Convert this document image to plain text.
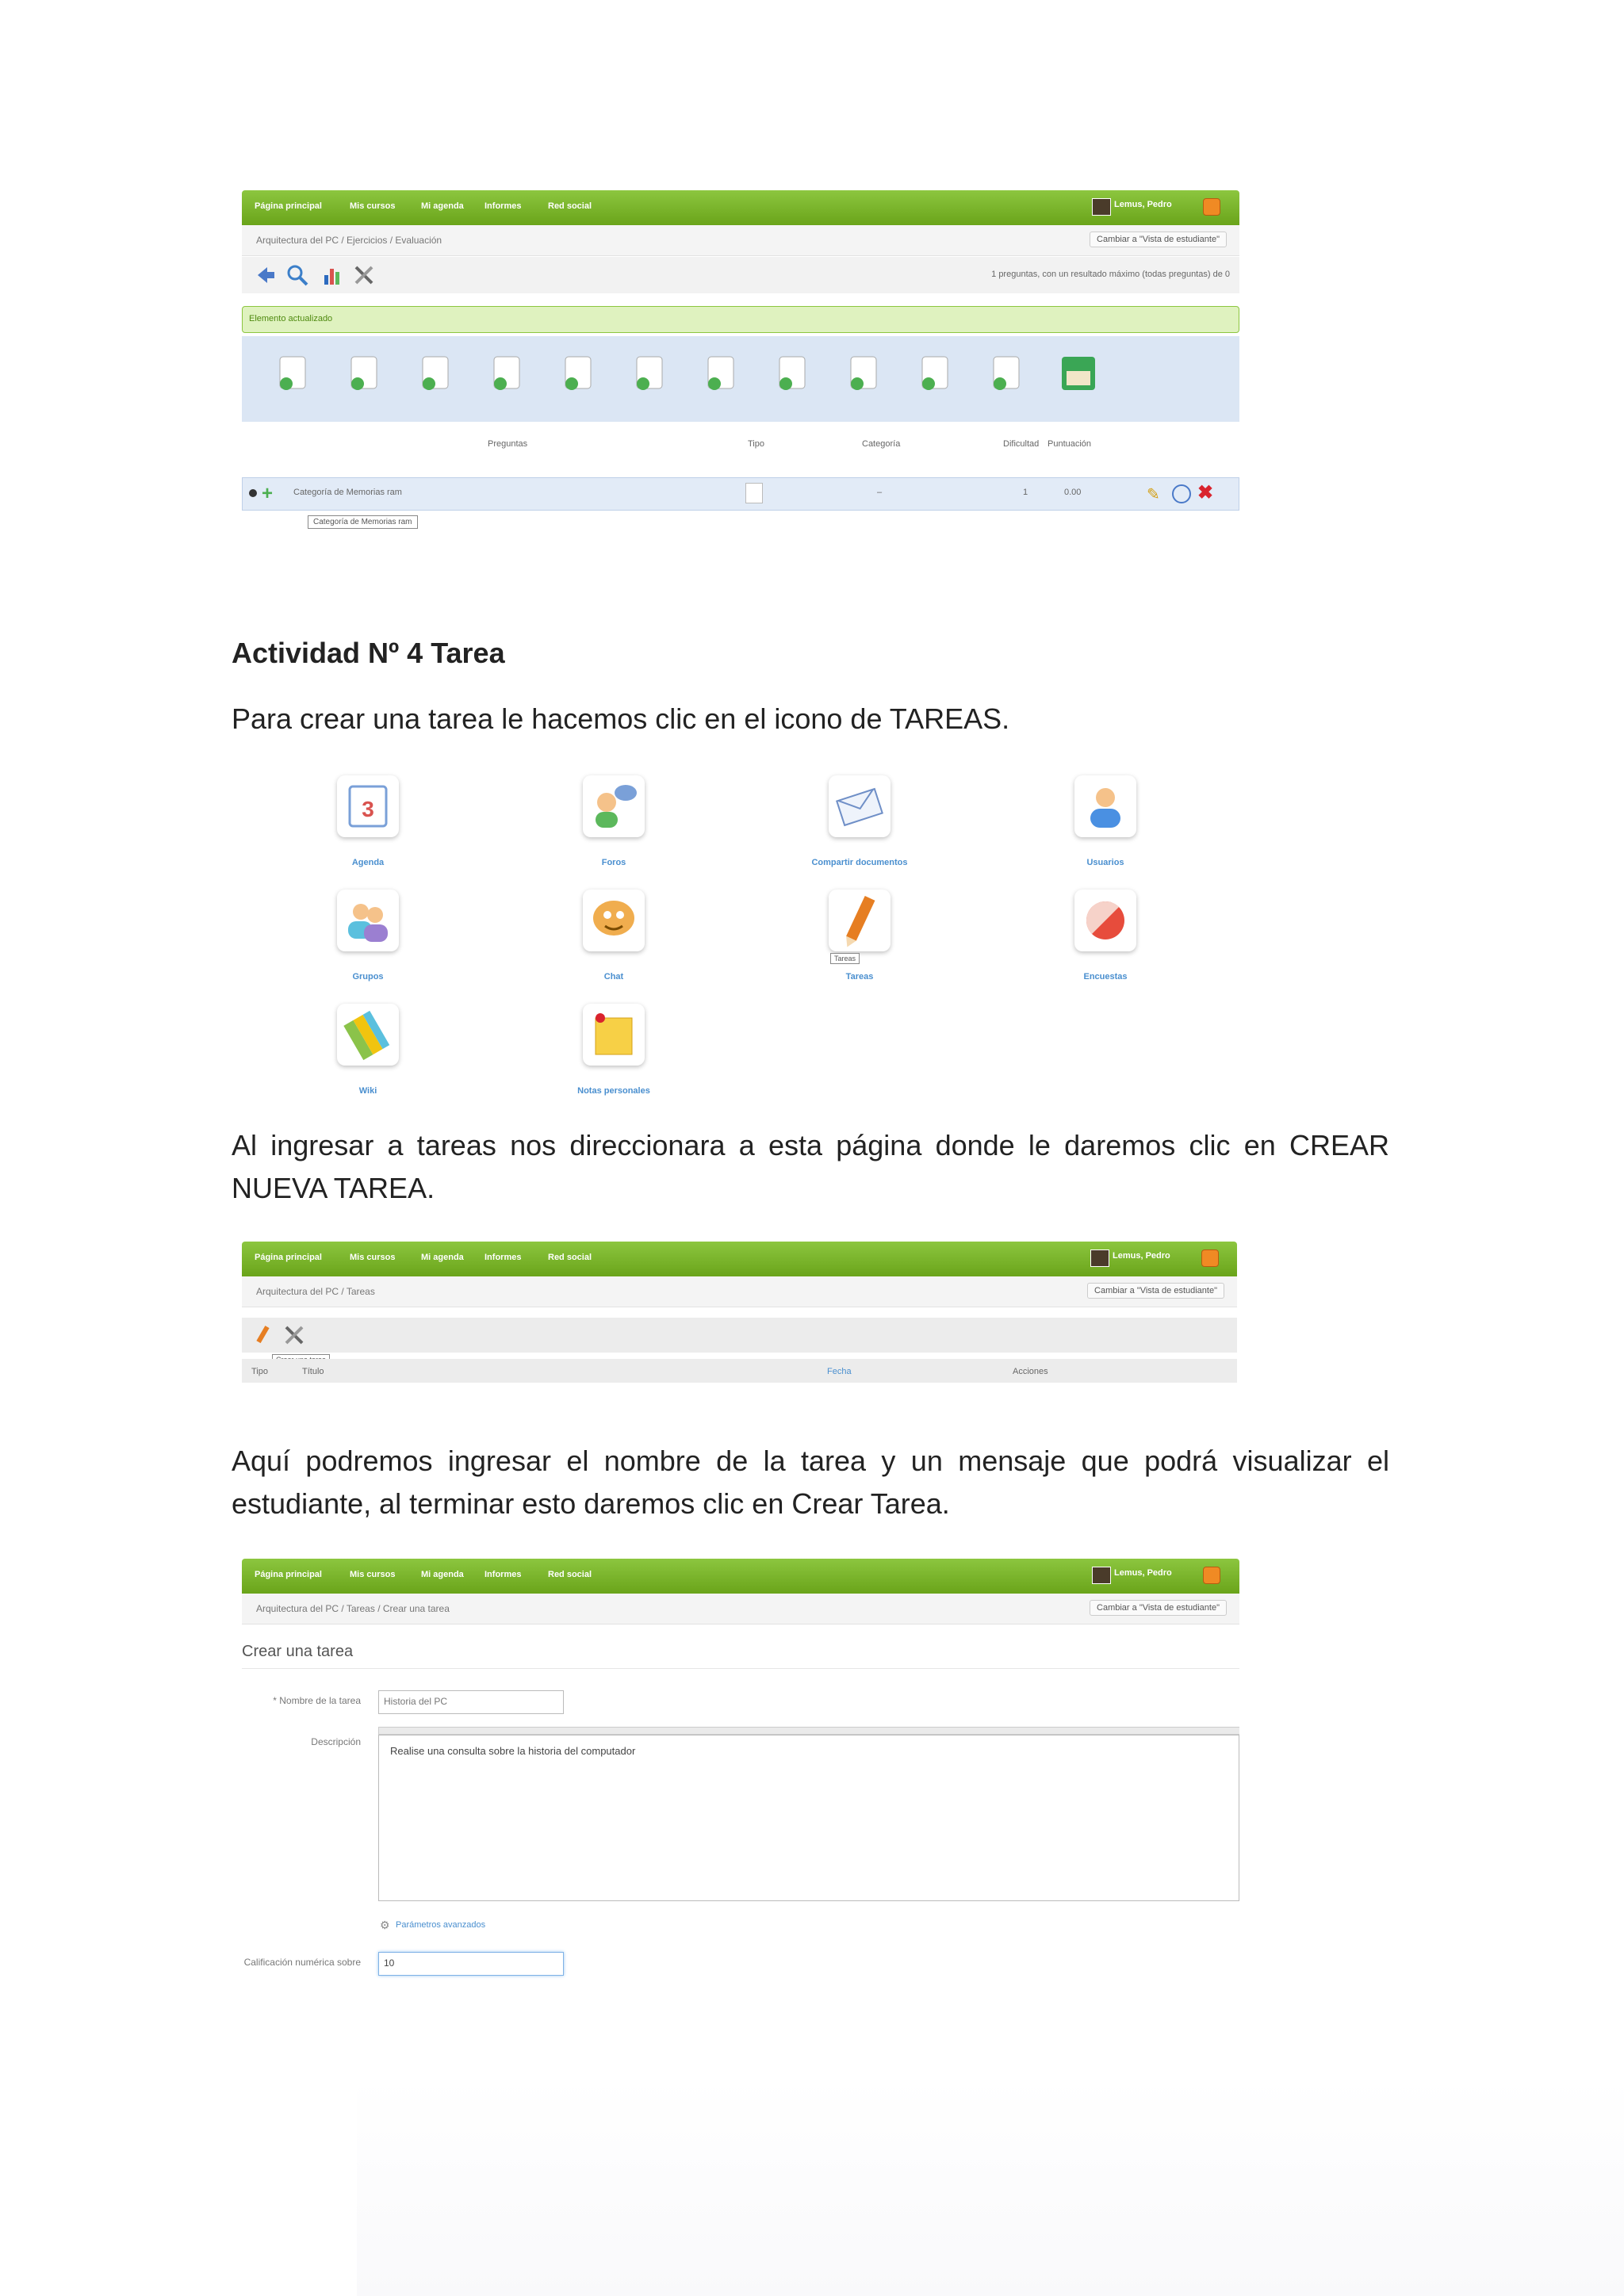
Página principal	Mis cursos	Mi agenda Informes	Red social	Lemus, Pedro
Arquitectura del PC / Ejercicios / Evaluación	Cambiar a "Vista de estudiante"
1 preguntas, con un resultado máximo (todas preguntas) de 0
Elemento actualizado
Preguntas	Tipo	Categoría	Dificultad Puntuación
+ Categoría de Memorias ram	–	1	0.00	✎ ✖
Categoría de Memorias ram
Actividad Nº 4 Tarea
Para crear una tarea le hacemos clic en el icono de TAREAS.
3
Agenda	Foros	Compartir documentos	Usuarios
Grupos	Chat
Tareas
Tareas	Encuestas
Wiki	Notas personales
Al ingresar a tareas nos direccionara a esta página donde le daremos clic en CREAR NUEVA TAREA.
Página principal	Mis cursos	Mi agenda Informes	Red social	Lemus, Pedro
Arquitectura del PC / Tareas	Cambiar a "Vista de estudiante"
Tipo	Título	Fecha	Acciones
Aquí podremos ingresar el nombre de la tarea y un mensaje que podrá visualizar el estudiante, al terminar esto daremos clic en Crear Tarea.
Página principal	Mis cursos	Mi agenda Informes	Red social	Lemus, Pedro
Arquitectura del PC / Tareas / Crear una tarea	Cambiar a "Vista de estudiante"
Crear una tarea
* Nombre de la tarea	Historia del PC
Descripción
Realise una consulta sobre la historia del computador
⚙ Parámetros avanzados
Calificación numérica sobre	10
